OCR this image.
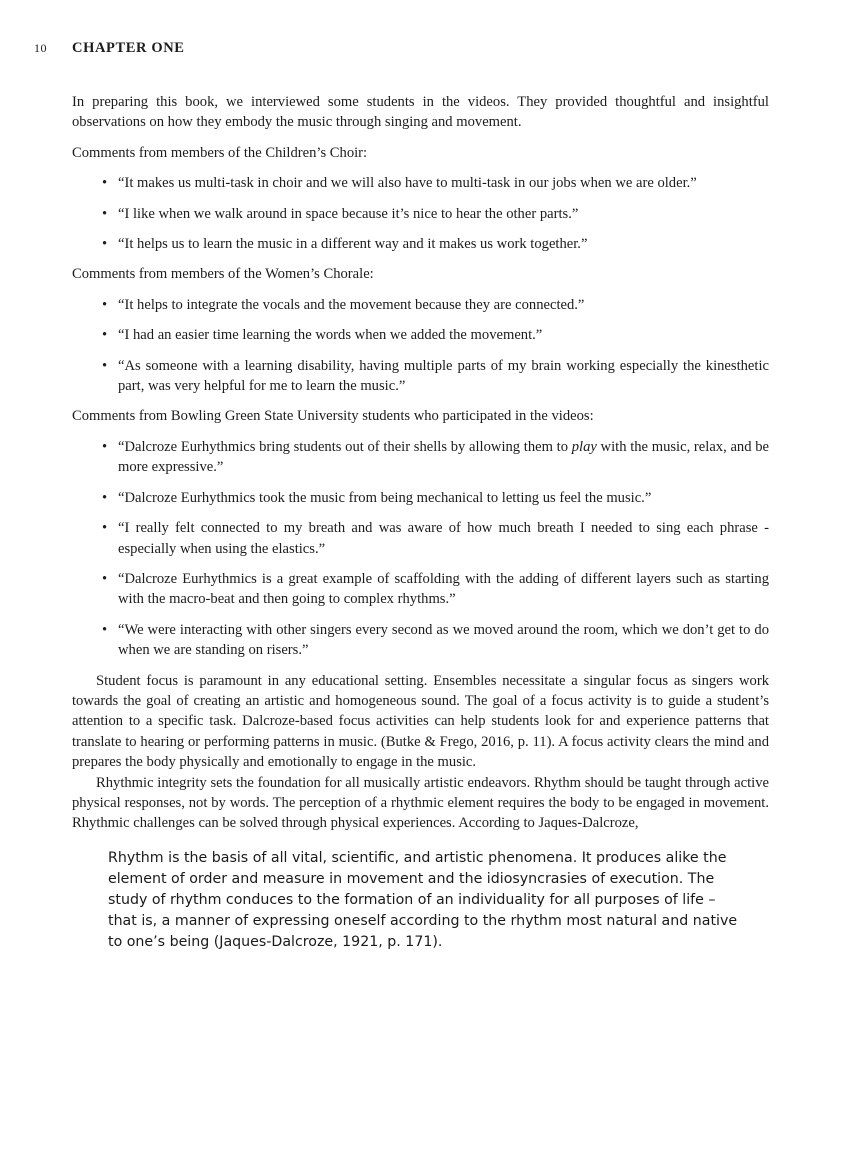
10	CHAPTER ONE

In preparing this book, we interviewed some students in the videos. They provided thoughtful and insightful observations on how they embody the music through singing and movement.

Comments from members of the Children’s Choir:

• “It makes us multi-task in choir and we will also have to multi-task in our jobs when we are older.”
• “I like when we walk around in space because it’s nice to hear the other parts.”
• “It helps us to learn the music in a different way and it makes us work together.”

Comments from members of the Women’s Chorale:

• “It helps to integrate the vocals and the movement because they are connected.”
• “I had an easier time learning the words when we added the movement.”
• “As someone with a learning disability, having multiple parts of my brain working especially the kinesthetic part, was very helpful for me to learn the music.”

Comments from Bowling Green State University students who participated in the videos:

• “Dalcroze Eurhythmics bring students out of their shells by allowing them to play with the music, relax, and be more expressive.”
• “Dalcroze Eurhythmics took the music from being mechanical to letting us feel the music.”
• “I really felt connected to my breath and was aware of how much breath I needed to sing each phrase - especially when using the elastics.”
• “Dalcroze Eurhythmics is a great example of scaffolding with the adding of different layers such as starting with the macro-beat and then going to complex rhythms.”
• “We were interacting with other singers every second as we moved around the room, which we don’t get to do when we are standing on risers.”

Student focus is paramount in any educational setting. Ensembles necessitate a singular focus as singers work towards the goal of creating an artistic and homogeneous sound. The goal of a focus activity is to guide a student’s attention to a specific task. Dalcroze-based focus activities can help students look for and experience patterns that translate to hearing or performing patterns in music. (Butke & Frego, 2016, p. 11). A focus activity clears the mind and prepares the body physically and emotionally to engage in the music.

Rhythmic integrity sets the foundation for all musically artistic endeavors. Rhythm should be taught through active physical responses, not by words. The perception of a rhythmic element requires the body to be engaged in movement. Rhythmic challenges can be solved through physical experiences. According to Jaques-Dalcroze,

Rhythm is the basis of all vital, scientific, and artistic phenomena. It produces alike the element of order and measure in movement and the idiosyncrasies of execution. The study of rhythm conduces to the formation of an individuality for all purposes of life – that is, a manner of expressing oneself according to the rhythm most natural and native to one’s being (Jaques-Dalcroze, 1921, p. 171).
